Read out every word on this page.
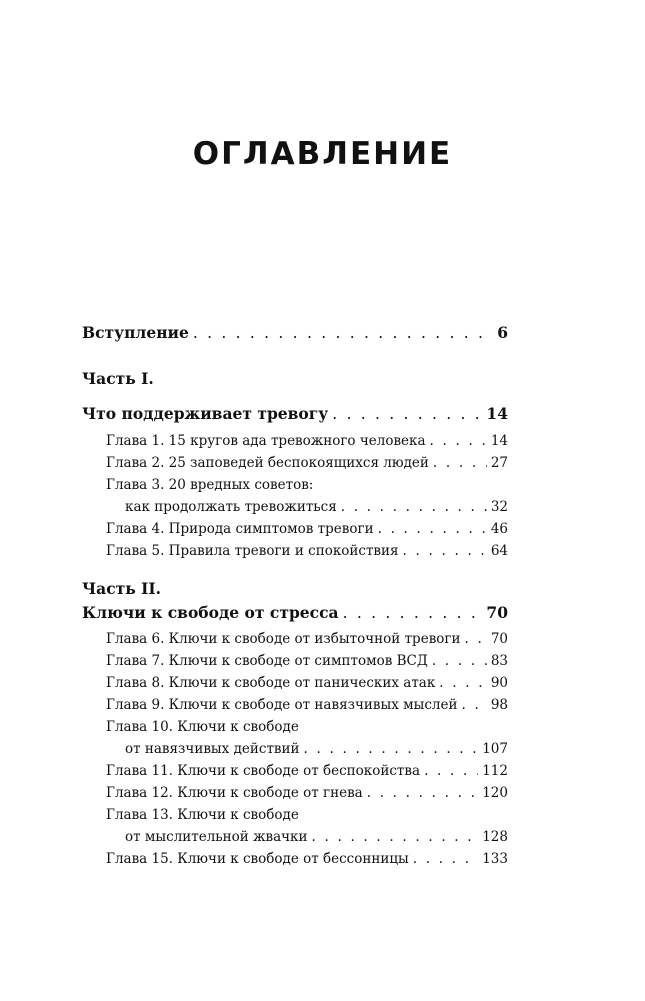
ОГЛАВЛЕНИЕ
Вступление . . .	6
Часть I.
Что поддерживает тревогу . . .	14
Глава 1. 15 кругов ада тревожного человека . . .	14
Глава 2. 25 заповедей беспокоящихся людей . . .	27
Глава 3. 20 вредных советов:
как продолжать тревожиться . . .	32
Глава 4. Природа симптомов тревоги . . .	46
Глава 5. Правила тревоги и спокойствия . . .	64
Часть II.
Ключи к свободе от стресса . . .	70
Глава 6. Ключи к свободе от избыточной тревоги . . . 70
Глава 7. Ключи к свободе от симптомов ВСД . . .	83
Глава 8. Ключи к свободе от панических атак . . .	90
Глава 9. Ключи к свободе от навязчивых мыслей . . . 98
Глава 10. Ключи к свободе
от навязчивых действий . . .	107
Глава 11. Ключи к свободе от беспокойства . . .	112
Глава 12. Ключи к свободе от гнева . . .	120
Глава 13. Ключи к свободе
от мыслительной жвачки . . .	128
Глава 15. Ключи к свободе от бессонницы . . .	133
